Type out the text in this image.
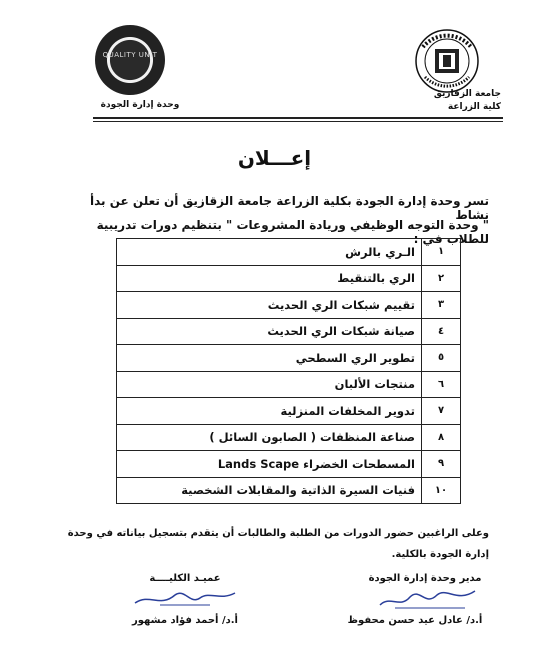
QUALITY UNIT
وحدة إدارة الجودة
جامعة الزقازيق
كلية الزراعة
إعـــلان
تسر وحدة إدارة الجودة بكلية الزراعة جامعة الزقازيق أن تعلن عن بدأ نشاط
" وحدة التوجه الوظيفي وريادة المشروعات " بتنظيم دورات تدريبية للطلاب في :
١	الـري بالرش
٢	الري بالتنقيط
٣	تقييم شبكات الري الحديث
٤	صيانة شبكات الري الحديث
٥	تطوير الري السطحي
٦	منتجات الألبان
٧	تدوير المخلفات المنزلية
٨	صناعة المنظفات ( الصابون السائل )
٩	المسطحات الخضراء Lands Scape
١٠	فنيات السيرة الذاتية والمقابلات الشخصية
وعلى الراغبين حضور الدورات من الطلبة والطالبات أن يتقدم بتسجيل بياناته في وحدة
إدارة الجودة بالكلية.
عميـد الكليــــة	مدير وحدة إدارة الجودة
أ.د/ أحمد فؤاد مشهور	أ.د/ عادل عيد حسن محفوظ
